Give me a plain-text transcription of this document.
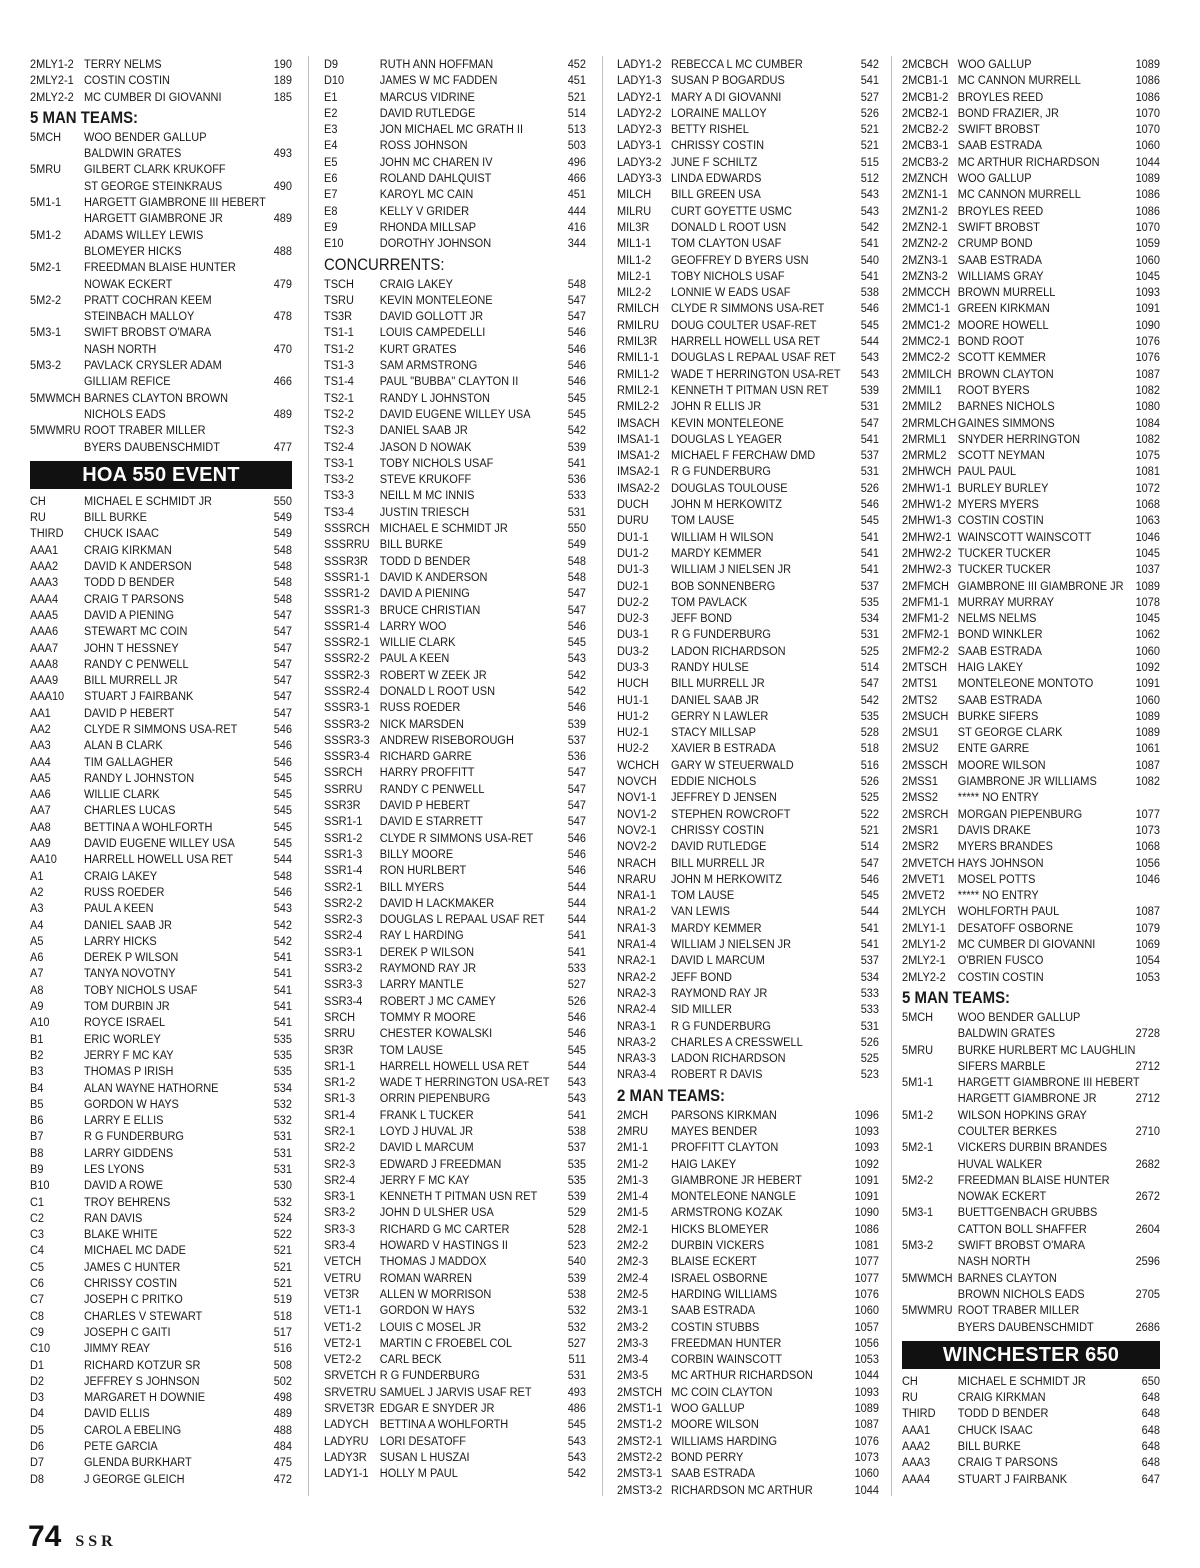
2MLY1-2 TERRY NELMS	190
2MLY2-1 COSTIN COSTIN	189
2MLY2-2 MC CUMBER DI GIOVANNI	185
5 MAN TEAMS:
5MCH	WOO BENDER GALLUP
BALDWIN GRATES	493
5MRU	GILBERT CLARK KRUKOFF
ST GEORGE STEINKRAUS	490
5M1-1	HARGETT GIAMBRONE III HEBERT
HARGETT GIAMBRONE JR	489
5M1-2	ADAMS WILLEY LEWIS
BLOMEYER HICKS	488
5M2-1	FREEDMAN BLAISE HUNTER
NOWAK ECKERT	479
5M2-2	PRATT COCHRAN KEEM
STEINBACH MALLOY	478
5M3-1	SWIFT BROBST O'MARA
NASH NORTH	470
5M3-2	PAVLACK CRYSLER ADAM
GILLIAM REFICE	466
5MWMCH BARNES CLAYTON BROWN
NICHOLS EADS	489
5MWMRU ROOT TRABER MILLER
BYERS DAUBENSCHMIDT	477
HOA 550 EVENT
CH	MICHAEL E SCHMIDT JR	550
RU	BILL BURKE	549
THIRD	CHUCK ISAAC	549
AAA1	CRAIG KIRKMAN	548
AAA2	DAVID K ANDERSON	548
AAA3	TODD D BENDER	548
AAA4	CRAIG T PARSONS	548
AAA5	DAVID A PIENING	547
AAA6	STEWART MC COIN	547
AAA7	JOHN T HESSNEY	547
AAA8	RANDY C PENWELL	547
AAA9	BILL MURRELL JR	547
AAA10	STUART J FAIRBANK	547
AA1	DAVID P HEBERT	547
AA2	CLYDE R SIMMONS USA-RET	546
AA3	ALAN B CLARK	546
AA4	TIM GALLAGHER	546
AA5	RANDY L JOHNSTON	545
AA6	WILLIE CLARK	545
AA7	CHARLES LUCAS	545
AA8	BETTINA A WOHLFORTH	545
AA9	DAVID EUGENE WILLEY USA	545
AA10	HARRELL HOWELL USA RET	544
A1	CRAIG LAKEY	548
A2	RUSS ROEDER	546
A3	PAUL A KEEN	543
A4	DANIEL SAAB JR	542
A5	LARRY HICKS	542
A6	DEREK P WILSON	541
A7	TANYA NOVOTNY	541
A8	TOBY NICHOLS USAF	541
A9	TOM DURBIN JR	541
A10	ROYCE ISRAEL	541
B1	ERIC WORLEY	535
B2	JERRY F MC KAY	535
B3	THOMAS P IRISH	535
B4	ALAN WAYNE HATHORNE	534
B5	GORDON W HAYS	532
B6	LARRY E ELLIS	532
B7	R G FUNDERBURG	531
B8	LARRY GIDDENS	531
B9	LES LYONS	531
B10	DAVID A ROWE	530
C1	TROY BEHRENS	532
C2	RAN DAVIS	524
C3	BLAKE WHITE	522
C4	MICHAEL MC DADE	521
C5	JAMES C HUNTER	521
C6	CHRISSY COSTIN	521
C7	JOSEPH C PRITKO	519
C8	CHARLES V STEWART	518
C9	JOSEPH C GAITI	517
C10	JIMMY REAY	516
D1	RICHARD KOTZUR SR	508
D2	JEFFREY S JOHNSON	502
D3	MARGARET H DOWNIE	498
D4	DAVID ELLIS	489
D5	CAROL A EBELING	488
D6	PETE GARCIA	484
D7	GLENDA BURKHART	475
D8	J GEORGE GLEICH	472
D9	RUTH ANN HOFFMAN	452
D10	JAMES W MC FADDEN	451
E1	MARCUS VIDRINE	521
E2	DAVID RUTLEDGE	514
E3	JON MICHAEL MC GRATH II	513
E4	ROSS JOHNSON	503
E5	JOHN MC CHAREN IV	496
E6	ROLAND DAHLQUIST	466
E7	KAROYL MC CAIN	451
E8	KELLY V GRIDER	444
E9	RHONDA MILLSAP	416
E10	DOROTHY JOHNSON	344
CONCURRENTS:
TSCH	CRAIG LAKEY	548
TSRU	KEVIN MONTELEONE	547
TS3R	DAVID GOLLOTT JR	547
TS1-1	LOUIS CAMPEDELLI	546
TS1-2	KURT GRATES	546
TS1-3	SAM ARMSTRONG	546
TS1-4	PAUL "BUBBA" CLAYTON II	546
TS2-1	RANDY L JOHNSTON	545
TS2-2	DAVID EUGENE WILLEY USA	545
TS2-3	DANIEL SAAB JR	542
TS2-4	JASON D NOWAK	539
TS3-1	TOBY NICHOLS USAF	541
TS3-2	STEVE KRUKOFF	536
TS3-3	NEILL M MC INNIS	533
TS3-4	JUSTIN TRIESCH	531
SSSRCH MICHAEL E SCHMIDT JR	550
SSSRRU BILL BURKE	549
SSSR3R TODD D BENDER	548
SSSR1-1 DAVID K ANDERSON	548
SSSR1-2 DAVID A PIENING	547
SSSR1-3 BRUCE CHRISTIAN	547
SSSR1-4 LARRY WOO	546
SSSR2-1 WILLIE CLARK	545
SSSR2-2 PAUL A KEEN	543
SSSR2-3 ROBERT W ZEEK JR	542
SSSR2-4 DONALD L ROOT USN	542
SSSR3-1 RUSS ROEDER	546
SSSR3-2 NICK MARSDEN	539
SSSR3-3 ANDREW RISEBOROUGH	537
SSSR3-4 RICHARD GARRE	536
SSRCH	HARRY PROFFITT	547
SSRRU	RANDY C PENWELL	547
SSR3R	DAVID P HEBERT	547
SSR1-1	DAVID E STARRETT	547
SSR1-2	CLYDE R SIMMONS USA-RET	546
SSR1-3	BILLY MOORE	546
SSR1-4	RON HURLBERT	546
SSR2-1	BILL MYERS	544
SSR2-2	DAVID H LACKMAKER	544
SSR2-3	DOUGLAS L REPAAL USAF RET	544
SSR2-4	RAY L HARDING	541
SSR3-1	DEREK P WILSON	541
SSR3-2	RAYMOND RAY JR	533
SSR3-3	LARRY MANTLE	527
SSR3-4	ROBERT J MC CAMEY	526
SRCH	TOMMY R MOORE	546
SRRU	CHESTER KOWALSKI	546
SR3R	TOM LAUSE	545
SR1-1	HARRELL HOWELL USA RET	544
SR1-2	WADE T HERRINGTON USA-RET	543
SR1-3	ORRIN PIEPENBURG	543
SR1-4	FRANK L TUCKER	541
SR2-1	LOYD J HUVAL JR	538
SR2-2	DAVID L MARCUM	537
SR2-3	EDWARD J FREEDMAN	535
SR2-4	JERRY F MC KAY	535
SR3-1	KENNETH T PITMAN USN RET	539
SR3-2	JOHN D ULSHER USA	529
SR3-3	RICHARD G MC CARTER	528
SR3-4	HOWARD V HASTINGS II	523
VETCH	THOMAS J MADDOX	540
VETRU	ROMAN WARREN	539
VET3R	ALLEN W MORRISON	538
VET1-1	GORDON W HAYS	532
VET1-2	LOUIS C MOSEL JR	532
VET2-1	MARTIN C FROEBEL COL	527
VET2-2	CARL BECK	511
SRVETCH R G FUNDERBURG	531
SRVETRU SAMUEL J JARVIS USAF RET	493
SRVET3R EDGAR E SNYDER JR	486
LADYCH BETTINA A WOHLFORTH	545
LADYRU LORI DESATOFF	543
LADY3R	SUSAN L HUSZAI	543
LADY1-1 HOLLY M PAUL	542
LADY1-2 REBECCA L MC CUMBER	542
LADY1-3 SUSAN P BOGARDUS	541
LADY2-1 MARY A DI GIOVANNI	527
LADY2-2 LORAINE MALLOY	526
LADY2-3 BETTY RISHEL	521
LADY3-1 CHRISSY COSTIN	521
LADY3-2 JUNE F SCHILTZ	515
LADY3-3 LINDA EDWARDS	512
MILCH	BILL GREEN USA	543
MILRU	CURT GOYETTE USMC	543
MIL3R	DONALD L ROOT USN	542
MIL1-1	TOM CLAYTON USAF	541
MIL1-2	GEOFFREY D BYERS USN	540
MIL2-1	TOBY NICHOLS USAF	541
MIL2-2	LONNIE W EADS USAF	538
RMILCH CLYDE R SIMMONS USA-RET	546
RMILRU DOUG COULTER USAF-RET	545
RMIL3R	HARRELL HOWELL USA RET	544
RMIL1-1 DOUGLAS L REPAAL USAF RET	543
RMIL1-2 WADE T HERRINGTON USA-RET	543
RMIL2-1 KENNETH T PITMAN USN RET	539
RMIL2-2 JOHN R ELLIS JR	531
IMSACH KEVIN MONTELEONE	547
IMSA1-1 DOUGLAS L YEAGER	541
IMSA1-2 MICHAEL F FERCHAW DMD	537
IMSA2-1 R G FUNDERBURG	531
IMSA2-2 DOUGLAS TOULOUSE	526
DUCH	JOHN M HERKOWITZ	546
DURU	TOM LAUSE	545
DU1-1	WILLIAM H WILSON	541
DU1-2	MARDY KEMMER	541
DU1-3	WILLIAM J NIELSEN JR	541
DU2-1	BOB SONNENBERG	537
DU2-2	TOM PAVLACK	535
DU2-3	JEFF BOND	534
DU3-1	R G FUNDERBURG	531
DU3-2	LADON RICHARDSON	525
DU3-3	RANDY HULSE	514
HUCH	BILL MURRELL JR	547
HU1-1	DANIEL SAAB JR	542
HU1-2	GERRY N LAWLER	535
HU2-1	STACY MILLSAP	528
HU2-2	XAVIER B ESTRADA	518
WCHCH GARY W STEUERWALD	516
NOVCH	EDDIE NICHOLS	526
NOV1-1	JEFFREY D JENSEN	525
NOV1-2	STEPHEN ROWCROFT	522
NOV2-1	CHRISSY COSTIN	521
NOV2-2	DAVID RUTLEDGE	514
NRACH	BILL MURRELL JR	547
NRARU	JOHN M HERKOWITZ	546
NRA1-1	TOM LAUSE	545
NRA1-2	VAN LEWIS	544
NRA1-3	MARDY KEMMER	541
NRA1-4	WILLIAM J NIELSEN JR	541
NRA2-1	DAVID L MARCUM	537
NRA2-2	JEFF BOND	534
NRA2-3	RAYMOND RAY JR	533
NRA2-4	SID MILLER	533
NRA3-1	R G FUNDERBURG	531
NRA3-2	CHARLES A CRESSWELL	526
NRA3-3	LADON RICHARDSON	525
NRA3-4	ROBERT R DAVIS	523
2 MAN TEAMS:
2MCH	PARSONS KIRKMAN	1096
2MRU	MAYES BENDER	1093
2M1-1	PROFFITT CLAYTON	1093
2M1-2	HAIG LAKEY	1092
2M1-3	GIAMBRONE JR HEBERT	1091
2M1-4	MONTELEONE NANGLE	1091
2M1-5	ARMSTRONG KOZAK	1090
2M2-1	HICKS BLOMEYER	1086
2M2-2	DURBIN VICKERS	1081
2M2-3	BLAISE ECKERT	1077
2M2-4	ISRAEL OSBORNE	1077
2M2-5	HARDING WILLIAMS	1076
2M3-1	SAAB ESTRADA	1060
2M3-2	COSTIN STUBBS	1057
2M3-3	FREEDMAN HUNTER	1056
2M3-4	CORBIN WAINSCOTT	1053
2M3-5	MC ARTHUR RICHARDSON	1044
2MSTCH MC COIN CLAYTON	1093
2MST1-1 WOO GALLUP	1089
2MST1-2 MOORE WILSON	1087
2MST2-1 WILLIAMS HARDING	1076
2MST2-2 BOND PERRY	1073
2MST3-1 SAAB ESTRADA	1060
2MST3-2 RICHARDSON MC ARTHUR	1044
2MCBCH WOO GALLUP	1089
2MCB1-1 MC CANNON MURRELL	1086
2MCB1-2 BROYLES REED	1086
2MCB2-1 BOND FRAZIER, JR	1070
2MCB2-2 SWIFT BROBST	1070
2MCB3-1 SAAB ESTRADA	1060
2MCB3-2 MC ARTHUR RICHARDSON	1044
2MZNCH WOO GALLUP	1089
2MZN1-1 MC CANNON MURRELL	1086
2MZN1-2 BROYLES REED	1086
2MZN2-1 SWIFT BROBST	1070
2MZN2-2 CRUMP BOND	1059
2MZN3-1 SAAB ESTRADA	1060
2MZN3-2 WILLIAMS GRAY	1045
2MMCCH BROWN MURRELL	1093
2MMC1-1 GREEN KIRKMAN	1091
2MMC1-2 MOORE HOWELL	1090
2MMC2-1 BOND ROOT	1076
2MMC2-2 SCOTT KEMMER	1076
2MMILCH BROWN CLAYTON	1087
2MMIL1	ROOT BYERS	1082
2MMIL2	BARNES NICHOLS	1080
2MRMLCH GAINES SIMMONS	1084
2MRML1 SNYDER HERRINGTON	1082
2MRML2 SCOTT NEYMAN	1075
2MHWCH PAUL PAUL	1081
2MHW1-1 BURLEY BURLEY	1072
2MHW1-2 MYERS MYERS	1068
2MHW1-3 COSTIN COSTIN	1063
2MHW2-1 WAINSCOTT WAINSCOTT	1046
2MHW2-2 TUCKER TUCKER	1045
2MHW2-3 TUCKER TUCKER	1037
2MFMCH GIAMBRONE III GIAMBRONE JR 1089
2MFM1-1 MURRAY MURRAY	1078
2MFM1-2 NELMS NELMS	1045
2MFM2-1 BOND WINKLER	1062
2MFM2-2 SAAB ESTRADA	1060
2MTSCH HAIG LAKEY	1092
2MTS1	MONTELEONE MONTOTO	1091
2MTS2	SAAB ESTRADA	1060
2MSUCH BURKE SIFERS	1089
2MSU1	ST GEORGE CLARK	1089
2MSU2	ENTE GARRE	1061
2MSSCH MOORE WILSON	1087
2MSS1	GIAMBRONE JR WILLIAMS	1082
2MSS2	***** NO ENTRY
2MSRCH MORGAN PIEPENBURG	1077
2MSR1	DAVIS DRAKE	1073
2MSR2	MYERS BRANDES	1068
2MVETCH HAYS JOHNSON	1056
2MVET1	MOSEL POTTS	1046
2MVET2	***** NO ENTRY
2MLYCH WOHLFORTH PAUL	1087
2MLY1-1 DESATOFF OSBORNE	1079
2MLY1-2 MC CUMBER DI GIOVANNI	1069
2MLY2-1 O'BRIEN FUSCO	1054
2MLY2-2 COSTIN COSTIN	1053
5 MAN TEAMS:
5MCH	WOO BENDER GALLUP
BALDWIN GRATES	2728
5MRU	BURKE HURLBERT MC LAUGHLIN
SIFERS MARBLE	2712
5M1-1	HARGETT GIAMBRONE III HEBERT
HARGETT GIAMBRONE JR	2712
5M1-2	WILSON HOPKINS GRAY
COULTER BERKES	2710
5M2-1	VICKERS DURBIN BRANDES
HUVAL WALKER	2682
5M2-2	FREEDMAN BLAISE HUNTER
NOWAK ECKERT	2672
5M3-1	BUETTGENBACH GRUBBS
CATTON BOLL SHAFFER	2604
5M3-2	SWIFT BROBST O'MARA
NASH NORTH	2596
5MWMCH BARNES CLAYTON
BROWN NICHOLS EADS	2705
5MWMRU ROOT TRABER MILLER
BYERS DAUBENSCHMIDT	2686
WINCHESTER 650
CH	MICHAEL E SCHMIDT JR	650
RU	CRAIG KIRKMAN	648
THIRD	TODD D BENDER	648
AAA1	CHUCK ISAAC	648
AAA2	BILL BURKE	648
AAA3	CRAIG T PARSONS	648
AAA4	STUART J FAIRBANK	647
74 SSR
